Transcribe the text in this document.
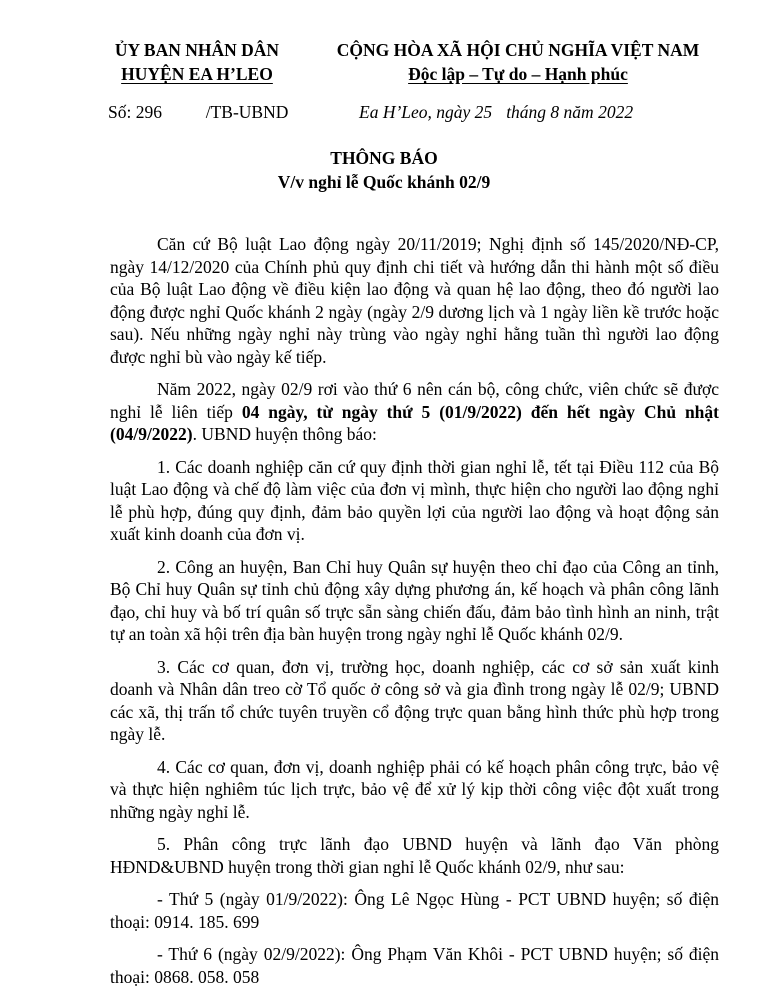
ỦY BAN NHÂN DÂN
HUYỆN EA H’LEO
CỘNG HÒA XÃ HỘI CHỦ NGHĨA VIỆT NAM
Độc lập – Tự do – Hạnh phúc
Số: 296	/TB-UBND	Ea H’Leo, ngày 25 tháng 8 năm 2022
THÔNG BÁO
V/v nghỉ lễ Quốc khánh 02/9

Căn cứ Bộ luật Lao động ngày 20/11/2019; Nghị định số 145/2020/NĐ-CP, ngày 14/12/2020 của Chính phủ quy định chi tiết và hướng dẫn thi hành một số điều của Bộ luật Lao động về điều kiện lao động và quan hệ lao động, theo đó người lao động được nghỉ Quốc khánh 2 ngày (ngày 2/9 dương lịch và 1 ngày liền kề trước hoặc sau). Nếu những ngày nghỉ này trùng vào ngày nghỉ hằng tuần thì người lao động được nghỉ bù vào ngày kế tiếp.

Năm 2022, ngày 02/9 rơi vào thứ 6 nên cán bộ, công chức, viên chức sẽ được nghỉ lễ liên tiếp 04 ngày, từ ngày thứ 5 (01/9/2022) đến hết ngày Chủ nhật (04/9/2022). UBND huyện thông báo:

1. Các doanh nghiệp căn cứ quy định thời gian nghỉ lễ, tết tại Điều 112 của Bộ luật Lao động và chế độ làm việc của đơn vị mình, thực hiện cho người lao động nghỉ lễ phù hợp, đúng quy định, đảm bảo quyền lợi của người lao động và hoạt động sản xuất kinh doanh của đơn vị.

2. Công an huyện, Ban Chỉ huy Quân sự huyện theo chỉ đạo của Công an tỉnh, Bộ Chỉ huy Quân sự tỉnh chủ động xây dựng phương án, kế hoạch và phân công lãnh đạo, chỉ huy và bố trí quân số trực sẵn sàng chiến đấu, đảm bảo tình hình an ninh, trật tự an toàn xã hội trên địa bàn huyện trong ngày nghỉ lễ Quốc khánh 02/9.

3. Các cơ quan, đơn vị, trường học, doanh nghiệp, các cơ sở sản xuất kinh doanh và Nhân dân treo cờ Tổ quốc ở công sở và gia đình trong ngày lễ 02/9; UBND các xã, thị trấn tổ chức tuyên truyền cổ động trực quan bằng hình thức phù hợp trong ngày lễ.

4. Các cơ quan, đơn vị, doanh nghiệp phải có kế hoạch phân công trực, bảo vệ và thực hiện nghiêm túc lịch trực, bảo vệ để xử lý kịp thời công việc đột xuất trong những ngày nghỉ lễ.

5. Phân công trực lãnh đạo UBND huyện và lãnh đạo Văn phòng HĐND&UBND huyện trong thời gian nghỉ lễ Quốc khánh 02/9, như sau:

- Thứ 5 (ngày 01/9/2022): Ông Lê Ngọc Hùng - PCT UBND huyện; số điện thoại: 0914. 185. 699

- Thứ 6 (ngày 02/9/2022): Ông Phạm Văn Khôi - PCT UBND huyện; số điện thoại: 0868. 058. 058
